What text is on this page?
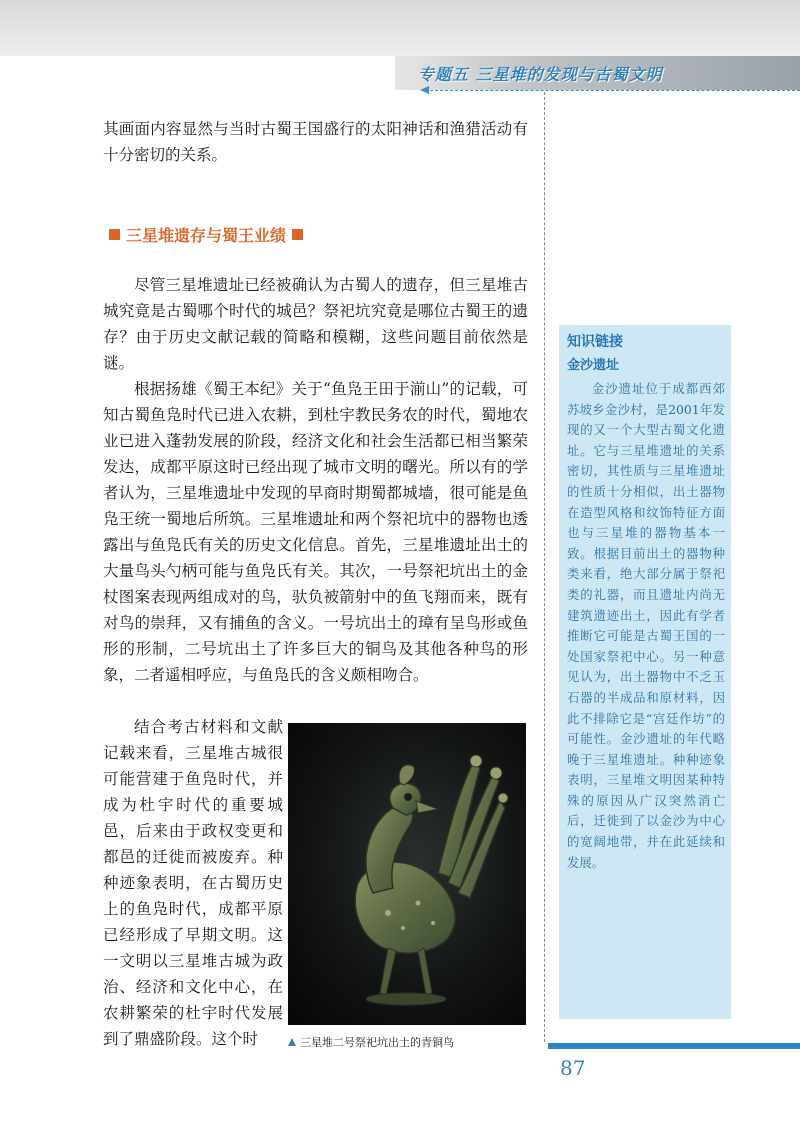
专题五 三星堆的发现与古蜀文明

其画面内容显然与当时古蜀王国盛行的太阳神话和渔猎活动有十分密切的关系。

三星堆遗存与蜀王业绩

尽管三星堆遗址已经被确认为古蜀人的遗存，但三星堆古城究竟是古蜀哪个时代的城邑？祭祀坑究竟是哪位古蜀王的遗存？由于历史文献记载的简略和模糊，这些问题目前依然是谜。

根据扬雄《蜀王本纪》关于“鱼凫王田于湔山”的记载，可知古蜀鱼凫时代已进入农耕，到杜宇教民务农的时代，蜀地农业已进入蓬勃发展的阶段，经济文化和社会生活都已相当繁荣发达，成都平原这时已经出现了城市文明的曙光。所以有的学者认为，三星堆遗址中发现的早商时期蜀都城墙，很可能是鱼凫王统一蜀地后所筑。三星堆遗址和两个祭祀坑中的器物也透露出与鱼凫氏有关的历史文化信息。首先，三星堆遗址出土的大量鸟头勺柄可能与鱼凫氏有关。其次，一号祭祀坑出土的金杖图案表现两组成对的鸟，驮负被箭射中的鱼飞翔而来，既有对鸟的崇拜，又有捕鱼的含义。一号坑出土的璋有呈鸟形或鱼形的形制，二号坑出土了许多巨大的铜鸟及其他各种鸟的形象，二者遥相呼应，与鱼凫氏的含义颇相吻合。

结合考古材料和文献记载来看，三星堆古城很可能营建于鱼凫时代，并成为杜宇时代的重要城邑，后来由于政权变更和都邑的迁徙而被废弃。种种迹象表明，在古蜀历史上的鱼凫时代，成都平原已经形成了早期文明。这一文明以三星堆古城为政治、经济和文化中心，在农耕繁荣的杜宇时代发展到了鼎盛阶段。这个时	三星堆二号祭祀坑出土的青铜鸟
知识链接
金沙遗址

金沙遗址位于成都西郊苏坡乡金沙村，是2001年发现的又一个大型古蜀文化遗址。它与三星堆遗址的关系密切，其性质与三星堆遗址的性质十分相似，出土器物在造型风格和纹饰特征方面也与三星堆的器物基本一致。根据目前出土的器物种类来看，绝大部分属于祭祀类的礼器，而且遗址内尚无建筑遗迹出土，因此有学者推断它可能是古蜀王国的一处国家祭祀中心。另一种意见认为，出土器物中不乏玉石器的半成品和原材料，因此不排除它是“宫廷作坊”的可能性。金沙遗址的年代略晚于三星堆遗址。种种迹象表明，三星堆文明因某种特殊的原因从广汉突然消亡后，迁徙到了以金沙为中心的宽阔地带，并在此延续和发展。

87
